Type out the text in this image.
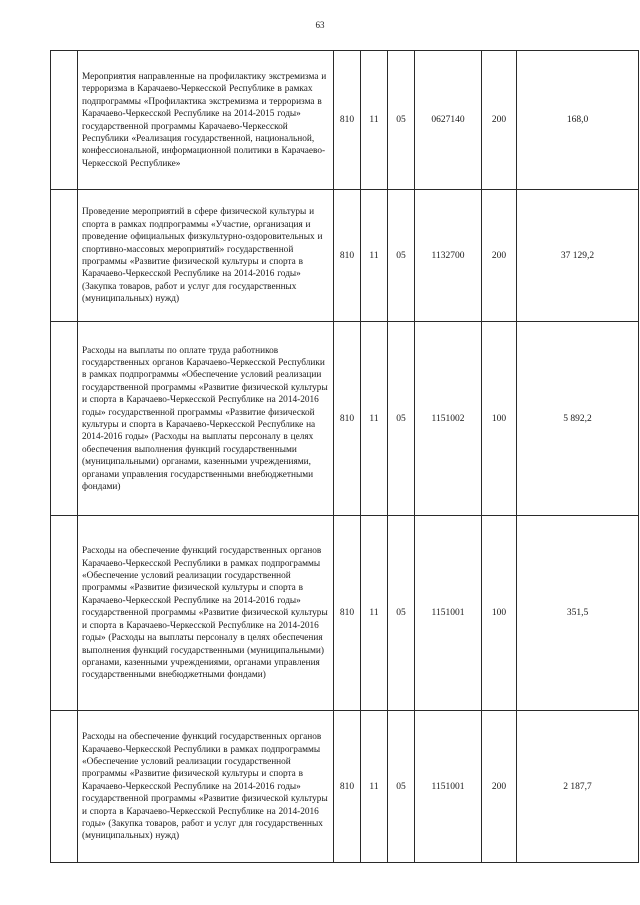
63
	Мероприятия направленные на профилактику экстремизма и терроризма в Карачаево-Черкесской Республике в рамках подпрограммы «Профилактика экстремизма и терроризма в Карачаево-Черкесской Республике на 2014-2015 годы» государственной программы Карачаево-Черкесской Республики «Реализация государственной, национальной, конфессиональной, информационной политики в Карачаево-Черкесской Республике»	810	11	05	0627140	200	168,0
	Проведение мероприятий в сфере физической культуры и спорта в рамках подпрограммы «Участие, организация и проведение официальных физкультурно-оздоровительных и спортивно-массовых мероприятий» государственной программы «Развитие физической культуры и спорта в Карачаево-Черкесской Республике на 2014-2016 годы» (Закупка товаров, работ и услуг для государственных (муниципальных) нужд)	810	11	05	1132700	200	37 129,2
	Расходы на выплаты по оплате труда работников государственных органов Карачаево-Черкесской Республики в рамках подпрограммы «Обеспечение условий реализации государственной программы «Развитие физической культуры и спорта в Карачаево-Черкесской Республике на 2014-2016 годы» государственной программы «Развитие физической культуры и спорта в Карачаево-Черкесской Республике на 2014-2016 годы» (Расходы на выплаты персоналу в целях обеспечения выполнения функций государственными (муниципальными) органами, казенными учреждениями, органами управления государственными внебюджетными фондами)	810	11	05	1151002	100	5 892,2
	Расходы на обеспечение функций государственных органов Карачаево-Черкесской Республики в рамках подпрограммы «Обеспечение условий реализации государственной программы «Развитие физической культуры и спорта в Карачаево-Черкесской Республике на 2014-2016 годы» государственной программы «Развитие физической культуры и спорта в Карачаево-Черкесской Республике на 2014-2016 годы» (Расходы на выплаты персоналу в целях обеспечения выполнения функций государственными (муниципальными) органами, казенными учреждениями, органами управления государственными внебюджетными фондами)	810	11	05	1151001	100	351,5
	Расходы на обеспечение функций государственных органов Карачаево-Черкесской Республики в рамках подпрограммы «Обеспечение условий реализации государственной программы «Развитие физической культуры и спорта в Карачаево-Черкесской Республике на 2014-2016 годы» государственной программы «Развитие физической культуры и спорта в Карачаево-Черкесской Республике на 2014-2016 годы» (Закупка товаров, работ и услуг для государственных (муниципальных) нужд)	810	11	05	1151001	200	2 187,7
